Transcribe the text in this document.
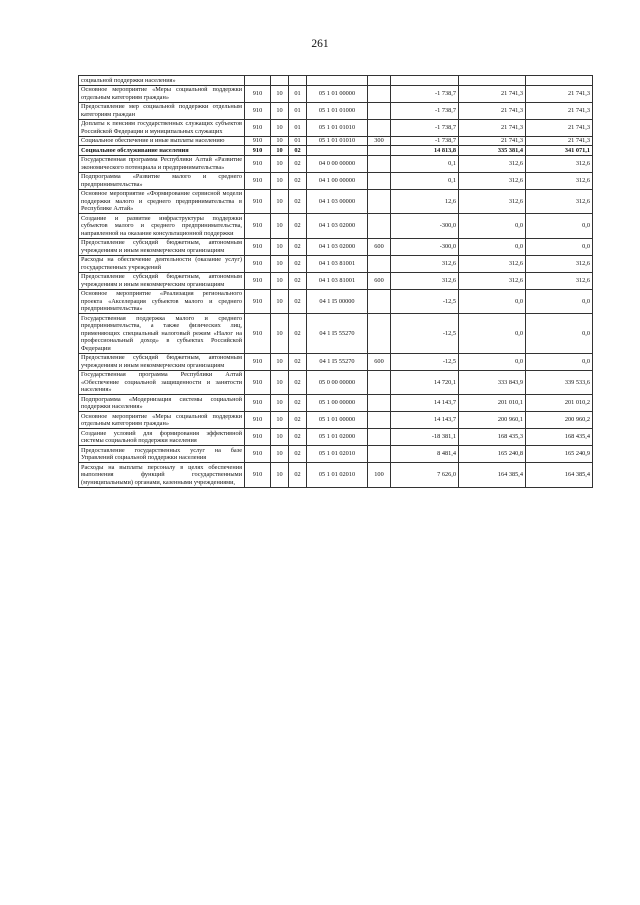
261
социальной поддержки населения»								
Основное мероприятие «Меры социальной поддержки отдельным категориям граждан»	910	10	01	05 1 01 00000		-1 738,7	21 741,3	21 741,3
Предоставление мер социальной поддержки отдельным категориям граждан	910	10	01	05 1 01 01000		-1 738,7	21 741,3	21 741,3
Доплаты к пенсиям государственных служащих субъектов Российской Федерации и муниципальных служащих	910	10	01	05 1 01 01010		-1 738,7	21 741,3	21 741,3
Социальное обеспечение и иные выплаты населению	910	10	01	05 1 01 01010	300	-1 738,7	21 741,3	21 741,3
Социальное обслуживание населения	910	10	02			14 813,8	335 381,4	341 071,1
Государственная программа Республики Алтай «Развитие экономического потенциала и предпринимательства»	910	10	02	04 0 00 00000		0,1	312,6	312,6
Подпрограмма «Развитие малого и среднего предпринимательства»	910	10	02	04 1 00 00000		0,1	312,6	312,6
Основное мероприятие «Формирование сервисной модели поддержки малого и среднего предпринимательства в Республике Алтай»	910	10	02	04 1 03 00000		12,6	312,6	312,6
Создание и развитие инфраструктуры поддержки субъектов малого и среднего предпринимательства, направленной на оказание консультационной поддержки	910	10	02	04 1 03 02000		-300,0	0,0	0,0
Предоставление субсидий бюджетным, автономным учреждениям и иным некоммерческим организациям	910	10	02	04 1 03 02000	600	-300,0	0,0	0,0
Расходы на обеспечение деятельности (оказание услуг) государственных учреждений	910	10	02	04 1 03 81001		312,6	312,6	312,6
Предоставление субсидий бюджетным, автономным учреждениям и иным некоммерческим организациям	910	10	02	04 1 03 81001	600	312,6	312,6	312,6
Основное мероприятие «Реализация регионального проекта «Акселерация субъектов малого и среднего предпринимательства»	910	10	02	04 1 I5 00000		-12,5	0,0	0,0
Государственная поддержка малого и среднего предпринимательства, а также физических лиц, применяющих специальный налоговый режим «Налог на профессиональный доход» в субъектах Российской Федерации	910	10	02	04 1 I5 55270		-12,5	0,0	0,0
Предоставление субсидий бюджетным, автономным учреждениям и иным некоммерческим организациям	910	10	02	04 1 I5 55270	600	-12,5	0,0	0,0
Государственная программа Республики Алтай «Обеспечение социальной защищенности и занятости населения»	910	10	02	05 0 00 00000		14 720,1	333 843,9	339 533,6
Подпрограмма «Модернизация системы социальной поддержки населения»	910	10	02	05 1 00 00000		14 143,7	201 010,1	201 010,2
Основное мероприятие «Меры социальной поддержки отдельным категориям граждан»	910	10	02	05 1 01 00000		14 143,7	200 960,1	200 960,2
Создание условий для формирования эффективной системы социальной поддержки населения	910	10	02	05 1 01 02000		-18 381,1	168 435,3	168 435,4
Предоставление государственных услуг на базе Управлений социальной поддержки населения	910	10	02	05 1 01 02010		8 481,4	165 240,8	165 240,9
Расходы на выплаты персоналу в целях обеспечения выполнения функций государственными (муниципальными) органами, казенными учреждениями,	910	10	02	05 1 01 02010	100	7 626,0	164 385,4	164 385,4
